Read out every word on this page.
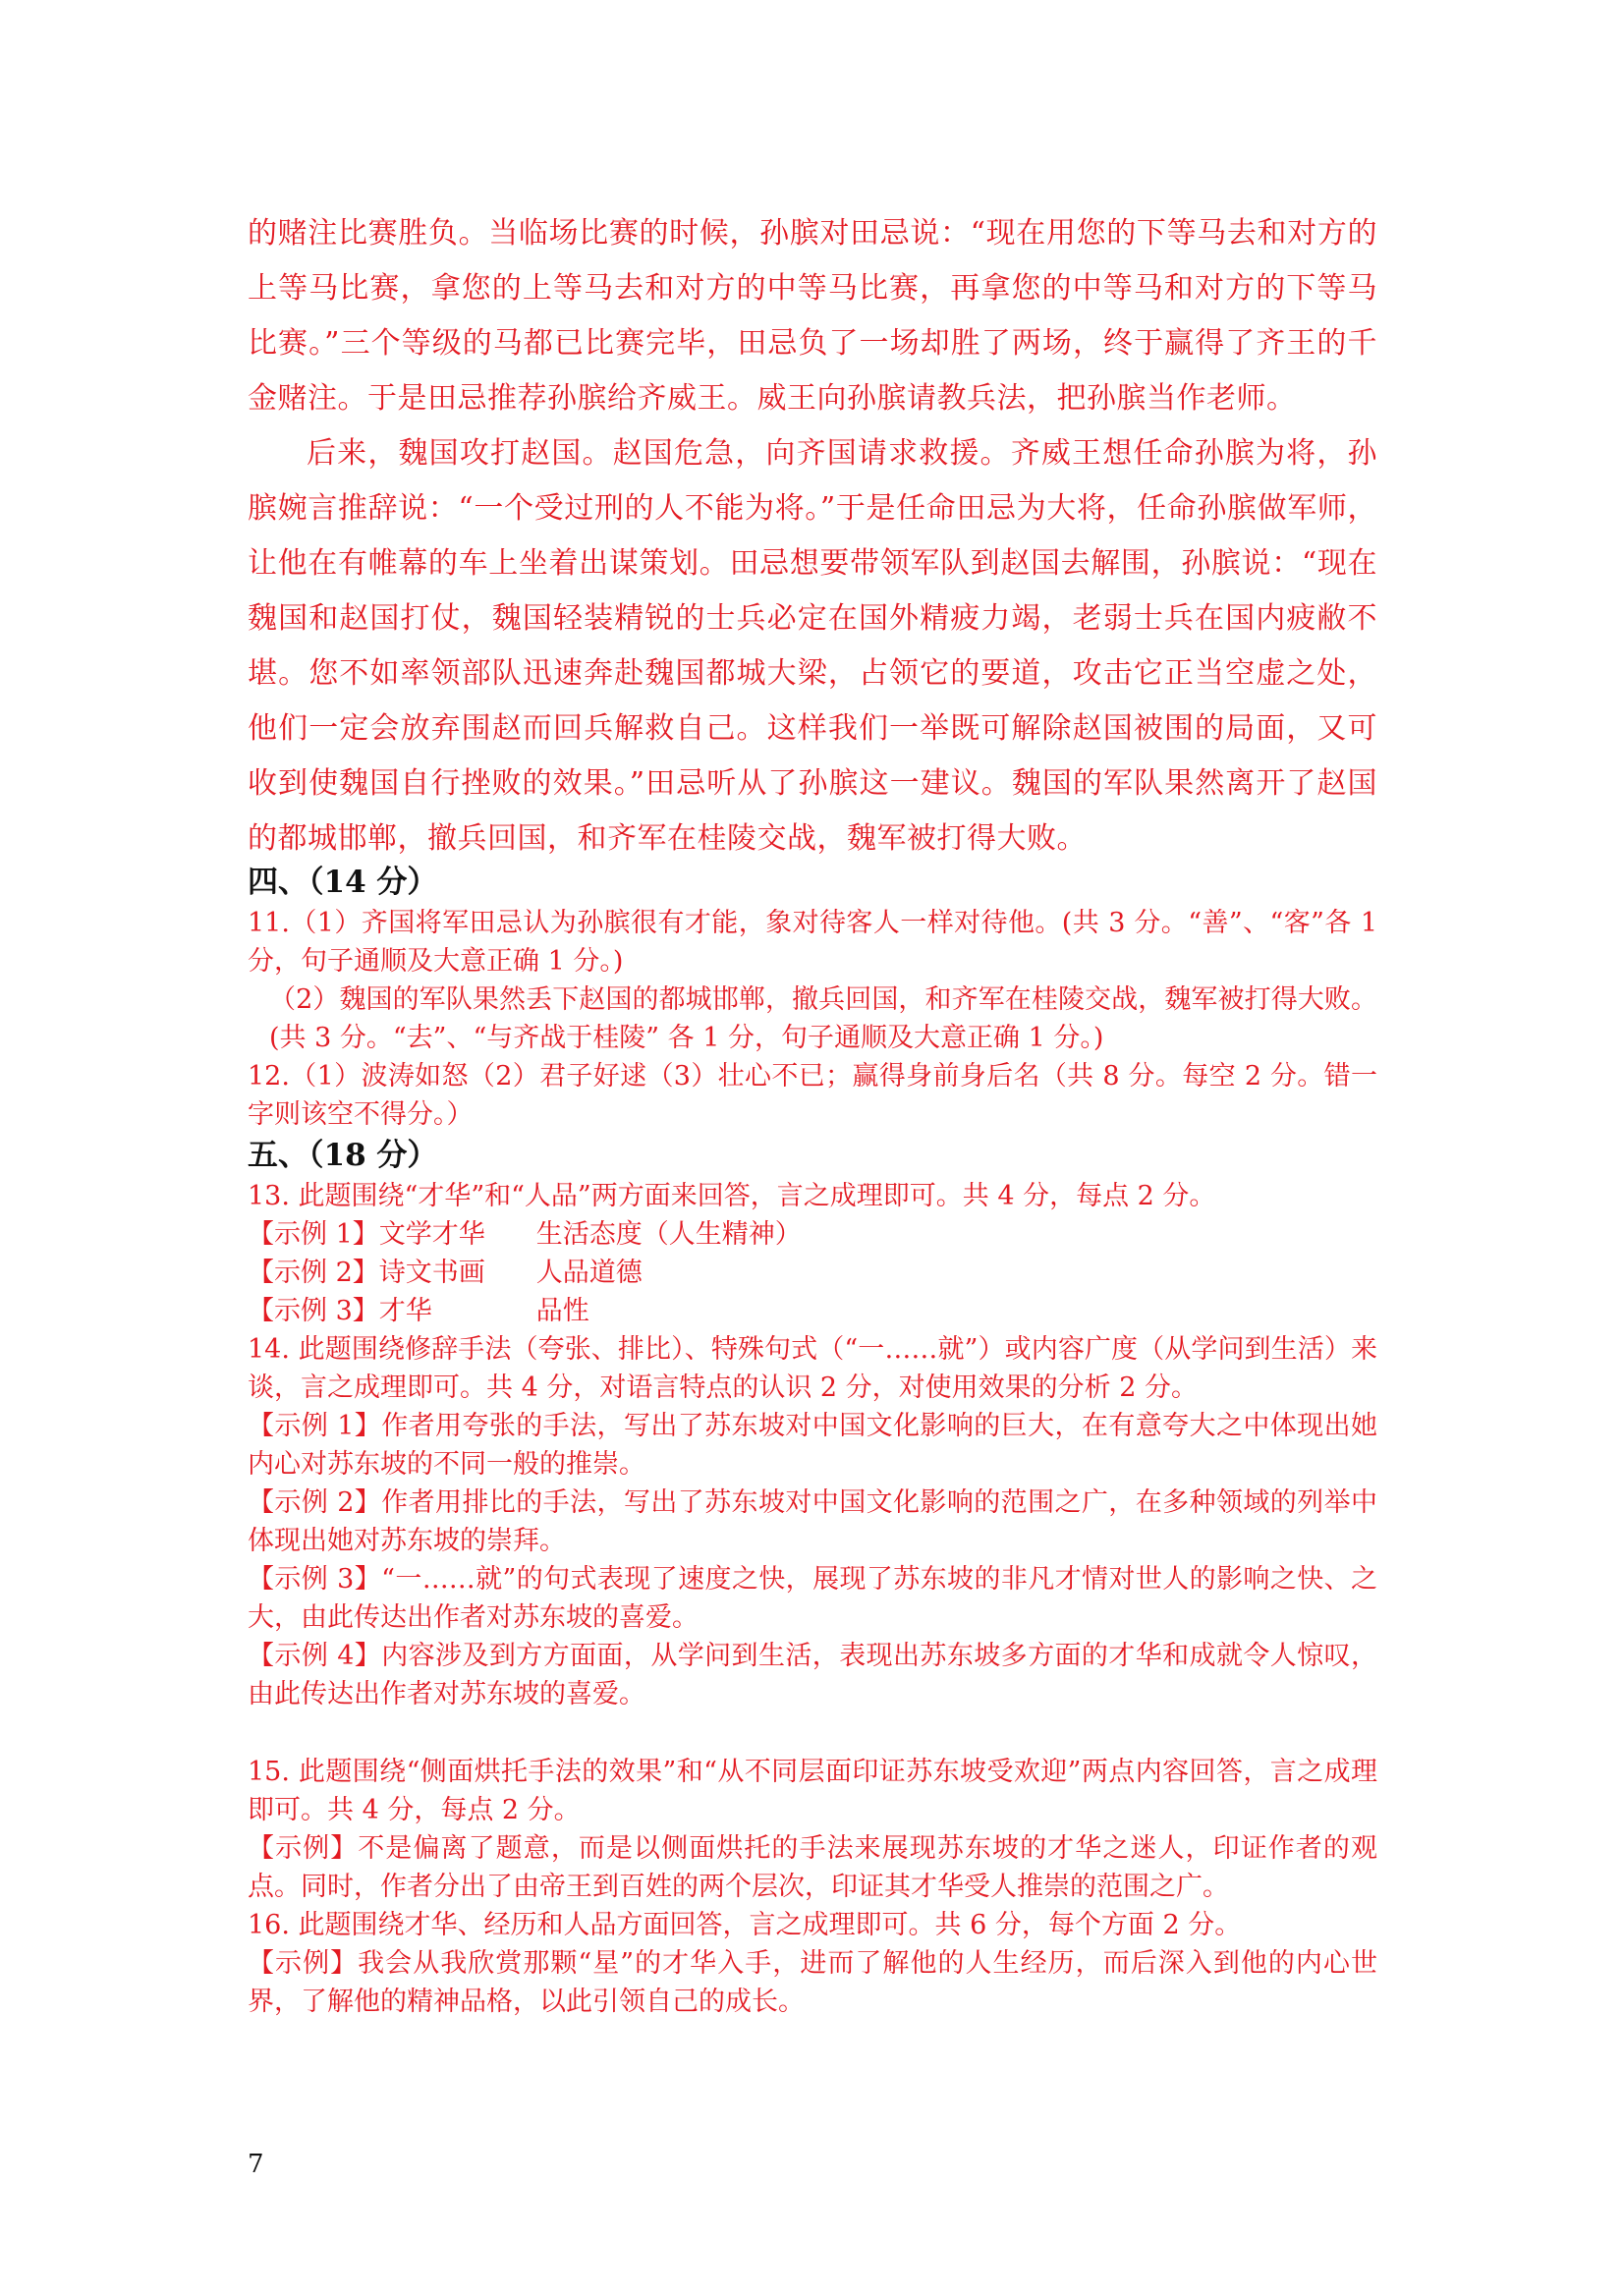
的赌注比赛胜负。当临场比赛的时候，孙膑对田忌说：“现在用您的下等马去和对方的上等马比赛，拿您的上等马去和对方的中等马比赛，再拿您的中等马和对方的下等马比赛。”三个等级的马都已比赛完毕，田忌负了一场却胜了两场，终于赢得了齐王的千金赌注。于是田忌推荐孙膑给齐威王。威王向孙膑请教兵法，把孙膑当作老师。

后来，魏国攻打赵国。赵国危急，向齐国请求救援。齐威王想任命孙膑为将，孙膑婉言推辞说：“一个受过刑的人不能为将。”于是任命田忌为大将，任命孙膑做军师，让他在有帷幕的车上坐着出谋策划。田忌想要带领军队到赵国去解围，孙膑说：“现在魏国和赵国打仗，魏国轻装精锐的士兵必定在国外精疲力竭，老弱士兵在国内疲敝不堪。您不如率领部队迅速奔赴魏国都城大梁，占领它的要道，攻击它正当空虚之处，他们一定会放弃围赵而回兵解救自己。这样我们一举既可解除赵国被围的局面，又可收到使魏国自行挫败的效果。”田忌听从了孙膑这一建议。魏国的军队果然离开了赵国的都城邯郸，撤兵回国，和齐军在桂陵交战，魏军被打得大败。

四、（14 分）

11.（1）齐国将军田忌认为孙膑很有才能，象对待客人一样对待他。(共 3 分。“善”、“客”各 1 分，句子通顺及大意正确 1 分。)

（2）魏国的军队果然丢下赵国的都城邯郸，撤兵回国，和齐军在桂陵交战，魏军被打得大败。(共 3 分。“去”、“与齐战于桂陵” 各 1 分，句子通顺及大意正确 1 分。)

12.（1）波涛如怒（2）君子好逑（3）壮心不已；赢得身前身后名（共 8 分。每空 2 分。错一字则该空不得分。）

五、（18 分）

13. 此题围绕“才华”和“人品”两方面来回答，言之成理即可。共 4 分，每点 2 分。

【示例 1】文学才华 生活态度（人生精神）

【示例 2】诗文书画 人品道德

【示例 3】才华	品性

14. 此题围绕修辞手法（夸张、排比）、特殊句式（“一……就”）或内容广度（从学问到生活）来谈，言之成理即可。共 4 分，对语言特点的认识 2 分，对使用效果的分析 2 分。

【示例 1】作者用夸张的手法，写出了苏东坡对中国文化影响的巨大，在有意夸大之中体现出她内心对苏东坡的不同一般的推崇。

【示例 2】作者用排比的手法，写出了苏东坡对中国文化影响的范围之广，在多种领域的列举中体现出她对苏东坡的崇拜。

【示例 3】“一……就”的句式表现了速度之快，展现了苏东坡的非凡才情对世人的影响之快、之大，由此传达出作者对苏东坡的喜爱。

【示例 4】内容涉及到方方面面，从学问到生活，表现出苏东坡多方面的才华和成就令人惊叹，由此传达出作者对苏东坡的喜爱。

15. 此题围绕“侧面烘托手法的效果”和“从不同层面印证苏东坡受欢迎”两点内容回答，言之成理即可。共 4 分，每点 2 分。

【示例】不是偏离了题意，而是以侧面烘托的手法来展现苏东坡的才华之迷人，印证作者的观点。同时，作者分出了由帝王到百姓的两个层次，印证其才华受人推崇的范围之广。

16. 此题围绕才华、经历和人品方面回答，言之成理即可。共 6 分，每个方面 2 分。

【示例】我会从我欣赏那颗“星”的才华入手，进而了解他的人生经历，而后深入到他的内心世界，了解他的精神品格，以此引领自己的成长。

7
